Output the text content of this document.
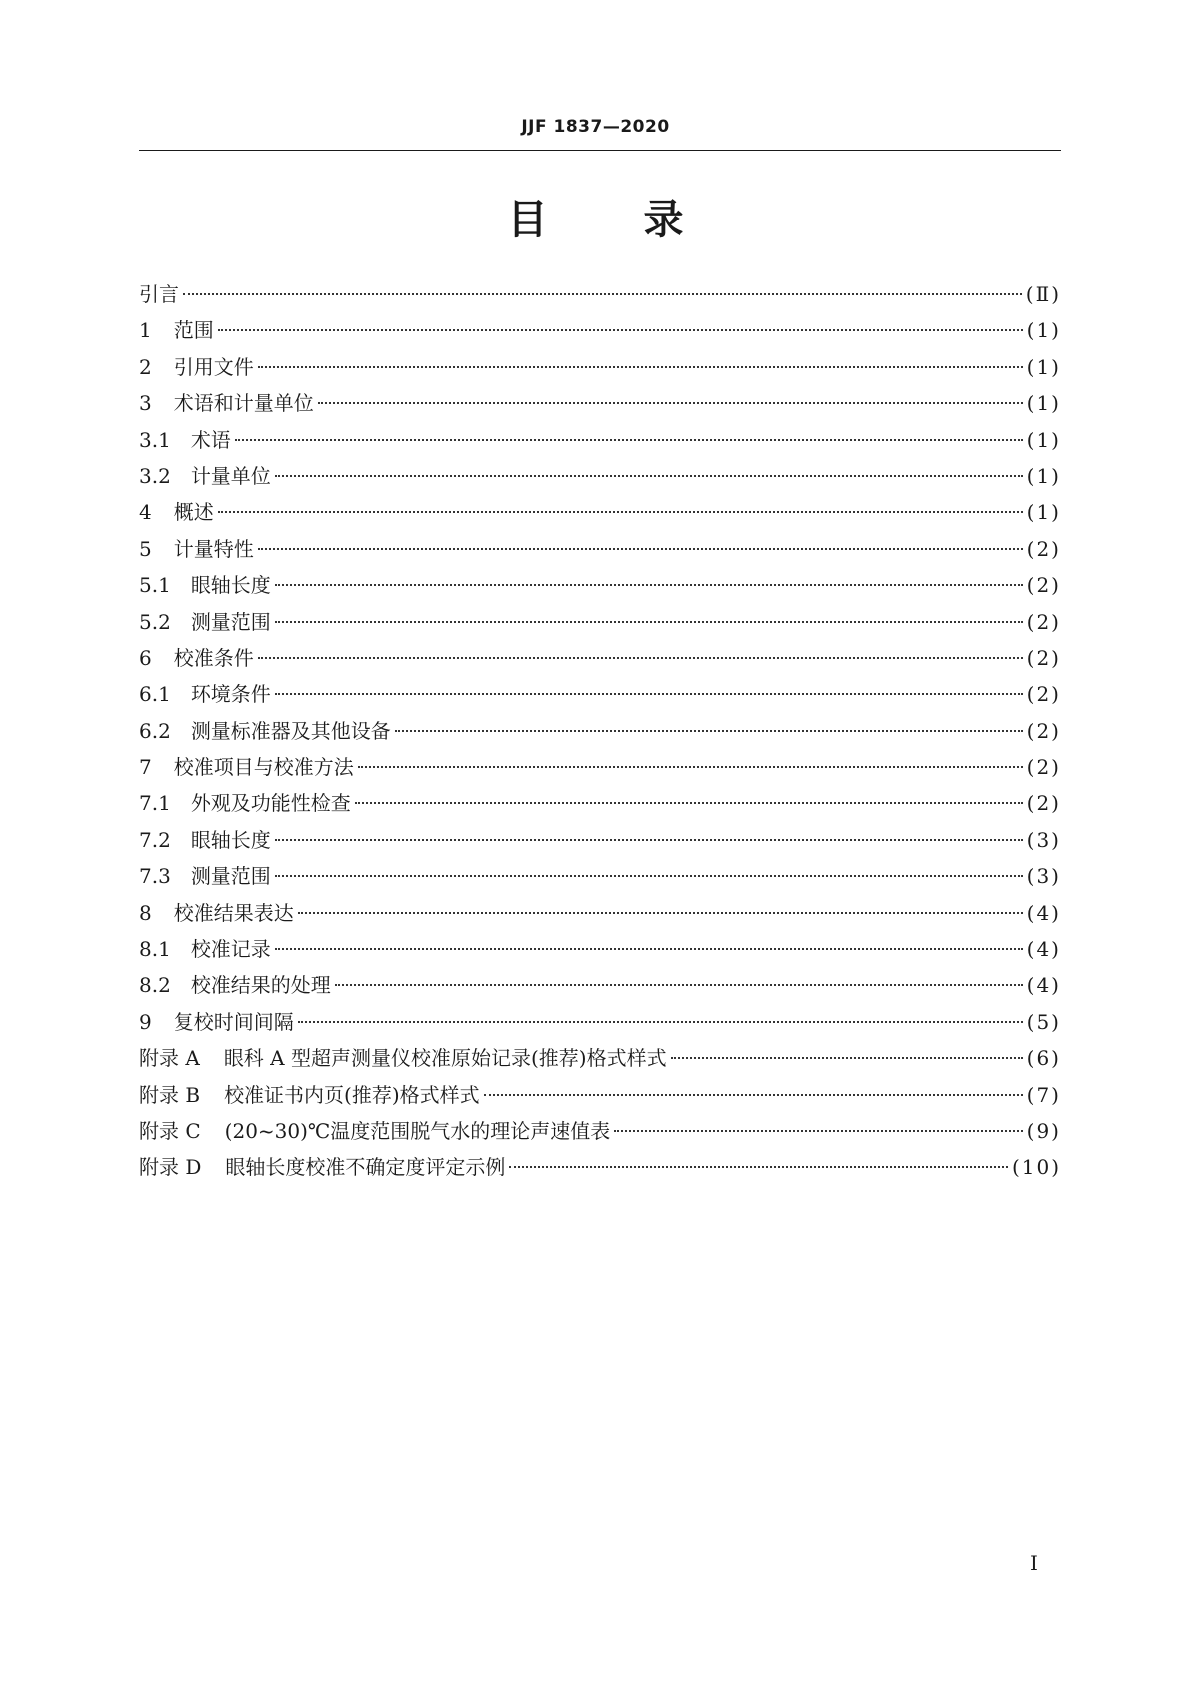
JJF 1837—2020
目 录
引言	(Ⅱ)
1 范围	(1)
2 引用文件	(1)
3 术语和计量单位	(1)
3.1 术语	(1)
3.2 计量单位	(1)
4 概述	(1)
5 计量特性	(2)
5.1 眼轴长度	(2)
5.2 测量范围	(2)
6 校准条件	(2)
6.1 环境条件	(2)
6.2 测量标准器及其他设备	(2)
7 校准项目与校准方法	(2)
7.1 外观及功能性检查	(2)
7.2 眼轴长度	(3)
7.3 测量范围	(3)
8 校准结果表达	(4)
8.1 校准记录	(4)
8.2 校准结果的处理	(4)
9 复校时间间隔	(5)
附录 A 眼科 A 型超声测量仪校准原始记录(推荐)格式样式	(6)
附录 B 校准证书内页(推荐)格式样式	(7)
附录 C (20~30)℃温度范围脱气水的理论声速值表	(9)
附录 D 眼轴长度校准不确定度评定示例	(10)
I
